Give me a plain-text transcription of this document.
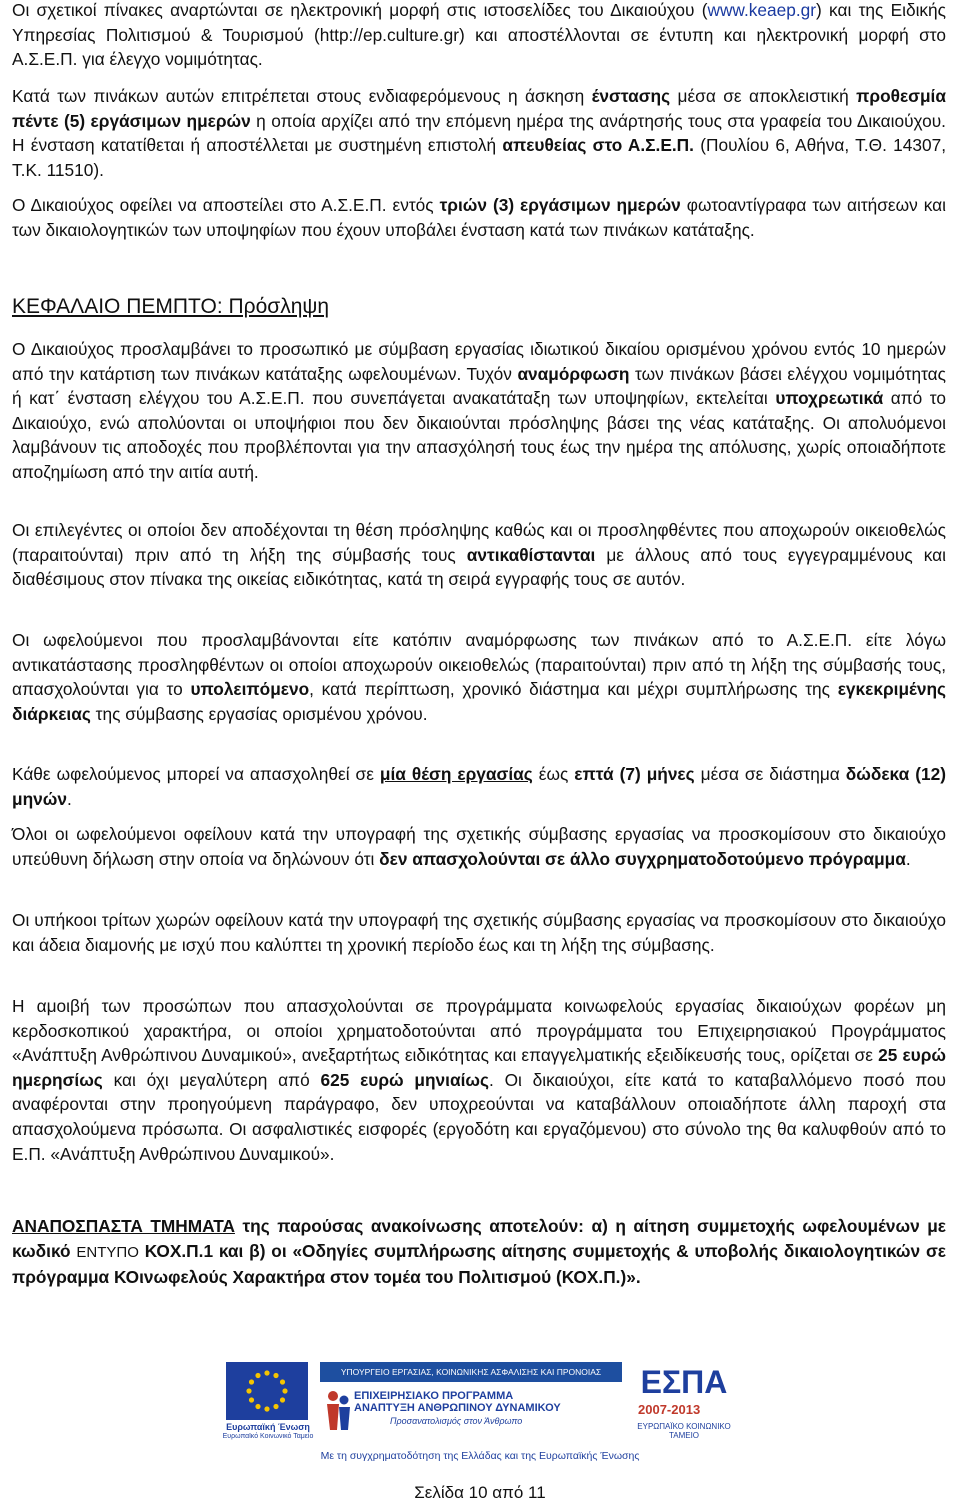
Οι σχετικοί πίνακες αναρτώνται σε ηλεκτρονική μορφή στις ιστοσελίδες του Δικαιούχου (www.keaep.gr) και της Ειδικής Υπηρεσίας Πολιτισμού & Τουρισμού (http://ep.culture.gr) και αποστέλλονται σε έντυπη και ηλεκτρονική μορφή στο Α.Σ.Ε.Π. για έλεγχο νομιμότητας.

Κατά των πινάκων αυτών επιτρέπεται στους ενδιαφερόμενους η άσκηση ένστασης μέσα σε αποκλειστική προθεσμία πέντε (5) εργάσιμων ημερών η οποία αρχίζει από την επόμενη ημέρα της ανάρτησής τους στα γραφεία του Δικαιούχου. Η ένσταση κατατίθεται ή αποστέλλεται με συστημένη επιστολή απευθείας στο Α.Σ.Ε.Π. (Πουλίου 6, Αθήνα, Τ.Θ. 14307, Τ.Κ. 11510).

Ο Δικαιούχος οφείλει να αποστείλει στο Α.Σ.Ε.Π. εντός τριών (3) εργάσιμων ημερών φωτοαντίγραφα των αιτήσεων και των δικαιολογητικών των υποψηφίων που έχουν υποβάλει ένσταση κατά των πινάκων κατάταξης.

ΚΕΦΑΛΑΙΟ ΠΕΜΠΤΟ: Πρόσληψη

Ο Δικαιούχος προσλαμβάνει το προσωπικό με σύμβαση εργασίας ιδιωτικού δικαίου ορισμένου χρόνου εντός 10 ημερών από την κατάρτιση των πινάκων κατάταξης ωφελουμένων. Τυχόν αναμόρφωση των πινάκων βάσει ελέγχου νομιμότητας ή κατ΄ ένσταση ελέγχου του Α.Σ.Ε.Π. που συνεπάγεται ανακατάταξη των υποψηφίων, εκτελείται υποχρεωτικά από το Δικαιούχο, ενώ απολύονται οι υποψήφιοι που δεν δικαιούνται πρόσληψης βάσει της νέας κατάταξης. Οι απολυόμενοι λαμβάνουν τις αποδοχές που προβλέπονται για την απασχόλησή τους έως την ημέρα της απόλυσης, χωρίς οποιαδήποτε αποζημίωση από την αιτία αυτή.

Οι επιλεγέντες οι οποίοι δεν αποδέχονται τη θέση πρόσληψης καθώς και οι προσληφθέντες που αποχωρούν οικειοθελώς (παραιτούνται) πριν από τη λήξη της σύμβασής τους αντικαθίστανται με άλλους από τους εγγεγραμμένους και διαθέσιμους στον πίνακα της οικείας ειδικότητας, κατά τη σειρά εγγραφής τους σε αυτόν.

Οι ωφελούμενοι που προσλαμβάνονται είτε κατόπιν αναμόρφωσης των πινάκων από το Α.Σ.Ε.Π. είτε λόγω αντικατάστασης προσληφθέντων οι οποίοι αποχωρούν οικειοθελώς (παραιτούνται) πριν από τη λήξη της σύμβασής τους, απασχολούνται για το υπολειπόμενο, κατά περίπτωση, χρονικό διάστημα και μέχρι συμπλήρωσης της εγκεκριμένης διάρκειας της σύμβασης εργασίας ορισμένου χρόνου.

Κάθε ωφελούμενος μπορεί να απασχοληθεί σε μία θέση εργασίας έως επτά (7) μήνες μέσα σε διάστημα δώδεκα (12) μηνών.

Όλοι οι ωφελούμενοι οφείλουν κατά την υπογραφή της σχετικής σύμβασης εργασίας να προσκομίσουν στο δικαιούχο υπεύθυνη δήλωση στην οποία να δηλώνουν ότι δεν απασχολούνται σε άλλο συγχρηματοδοτούμενο πρόγραμμα.

Οι υπήκοοι τρίτων χωρών οφείλουν κατά την υπογραφή της σχετικής σύμβασης εργασίας να προσκομίσουν στο δικαιούχο και άδεια διαμονής με ισχύ που καλύπτει τη χρονική περίοδο έως και τη λήξη της σύμβασης.

Η αμοιβή των προσώπων που απασχολούνται σε προγράμματα κοινωφελούς εργασίας δικαιούχων φορέων μη κερδοσκοπικού χαρακτήρα, οι οποίοι χρηματοδοτούνται από προγράμματα του Επιχειρησιακού Προγράμματος «Ανάπτυξη Ανθρώπινου Δυναμικού», ανεξαρτήτως ειδικότητας και επαγγελματικής εξειδίκευσής τους, ορίζεται σε 25 ευρώ ημερησίως και όχι μεγαλύτερη από 625 ευρώ μηνιαίως. Οι δικαιούχοι, είτε κατά το καταβαλλόμενο ποσό που αναφέρονται στην προηγούμενη παράγραφο, δεν υποχρεούνται να καταβάλλουν οποιαδήποτε άλλη παροχή στα απασχολούμενα πρόσωπα. Οι ασφαλιστικές εισφορές (εργοδότη και εργαζόμενου) στο σύνολο της θα καλυφθούν από το Ε.Π. «Ανάπτυξη Ανθρώπινου Δυναμικού».

ΑΝΑΠΟΣΠΑΣΤΑ ΤΜΗΜΑΤΑ της παρούσας ανακοίνωσης αποτελούν: α) η αίτηση συμμετοχής ωφελουμένων με κωδικό ΕΝΤΥΠΟ ΚΟΧ.Π.1 και β) οι «Οδηγίες συμπλήρωσης αίτησης συμμετοχής & υποβολής δικαιολογητικών σε πρόγραμμα ΚΟινωφελούς Χαρακτήρα στον τομέα του Πολιτισμού (ΚΟΧ.Π.)».

Ευρωπαϊκή Ένωση
Ευρωπαϊκό Κοινωνικό Ταμείο
ΥΠΟΥΡΓΕΙΟ ΕΡΓΑΣΙΑΣ, ΚΟΙΝΩΝΙΚΗΣ ΑΣΦΑΛΙΣΗΣ ΚΑΙ ΠΡΟΝΟΙΑΣ
ΕΠΙΧΕΙΡΗΣΙΑΚΟ ΠΡΟΓΡΑΜΜΑ
ΑΝΑΠΤΥΞΗ ΑΝΘΡΩΠΙΝΟΥ ΔΥΝΑΜΙΚΟΥ
Προσανατολισμός στον Άνθρωπο
ΕΣΠΑ
2007-2013
ΕΥΡΩΠΑΪΚΟ ΚΟΙΝΩΝΙΚΟ ΤΑΜΕΙΟ
Με τη συγχρηματοδότηση της Ελλάδας και της Ευρωπαϊκής Ένωσης
Σελίδα 10 από 11
